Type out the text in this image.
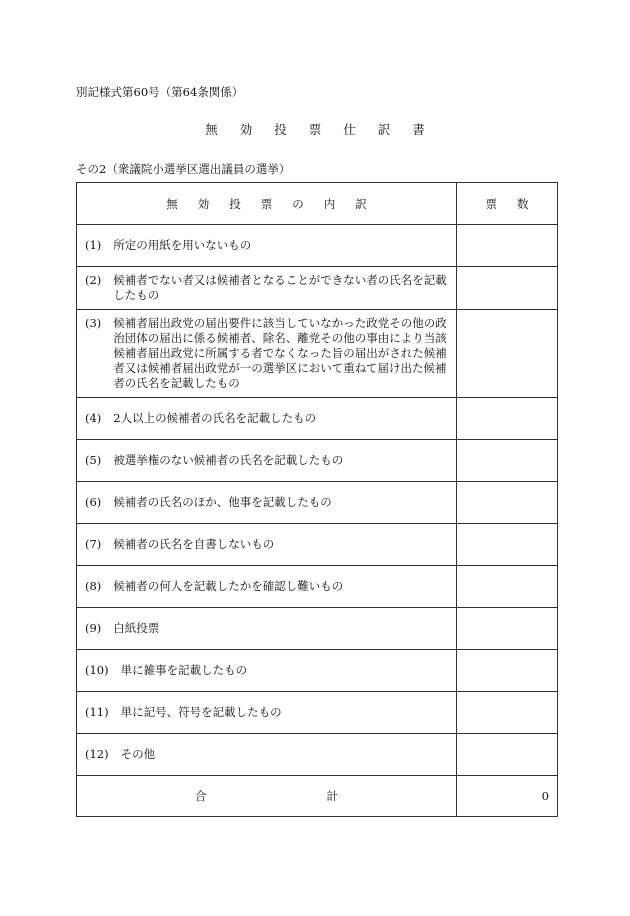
別記様式第60号（第64条関係）
無 効 投 票 仕 訳 書
その2（衆議院小選挙区選出議員の選挙）
無 効 投 票 の 内 訳	票 数

(1) 所定の用紙を用いないもの	

(2) 候補者でない者又は候補者となることができない者の氏名を記載したもの	

(3) 候補者届出政党の届出要件に該当していなかった政党その他の政治団体の届出に係る候補者、除名、離党その他の事由により当該候補者届出政党に所属する者でなくなった旨の届出がされた候補者又は候補者届出政党が一の選挙区において重ねて届け出た候補者の氏名を記載したもの	

(4) 2人以上の候補者の氏名を記載したもの	

(5) 被選挙権のない候補者の氏名を記載したもの	

(6) 候補者の氏名のほか、他事を記載したもの	

(7) 候補者の氏名を自書しないもの	

(8) 候補者の何人を記載したかを確認し難いもの	

(9) 白紙投票	

(10) 単に雑事を記載したもの	

(11) 単に記号、符号を記載したもの	

(12) その他	

合 計	0
